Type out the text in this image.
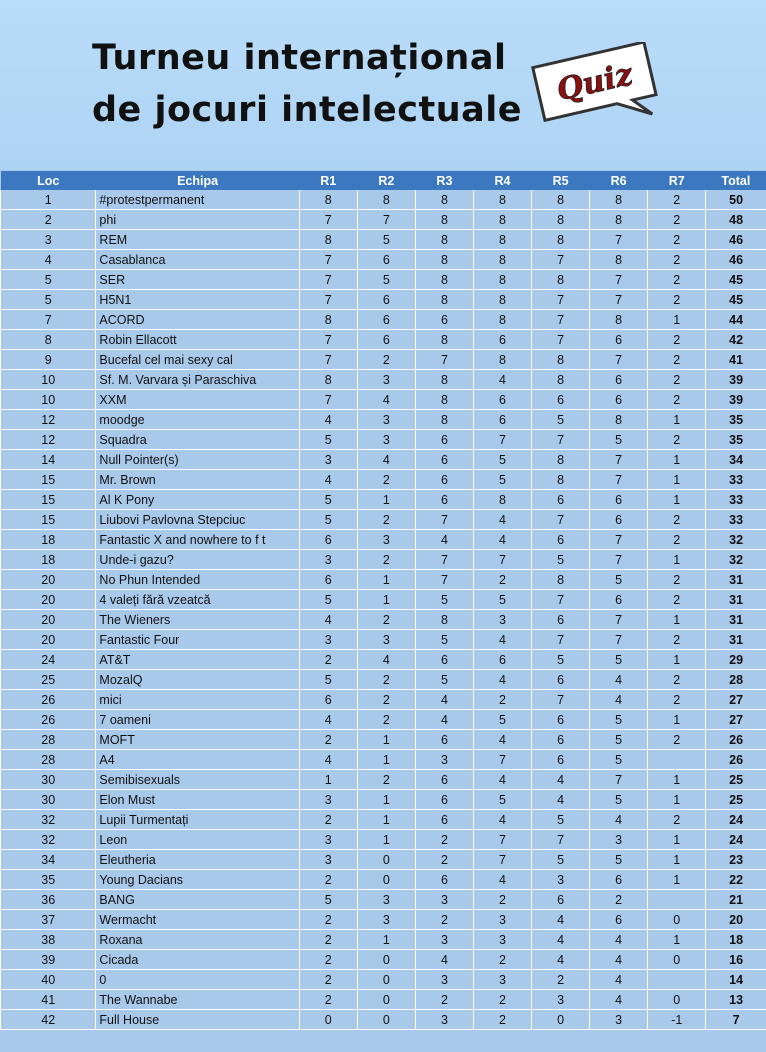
Turneu internațional
de jocuri intelectuale
Quiz
Loc	Echipa	R1	R2	R3	R4	R5	R6	R7	Total
1	#protestpermanent	8	8	8	8	8	8	2	50
2	phi	7	7	8	8	8	8	2	48
3	REM	8	5	8	8	8	7	2	46
4	Casablanca	7	6	8	8	7	8	2	46
5	SER	7	5	8	8	8	7	2	45
5	H5N1	7	6	8	8	7	7	2	45
7	ACORD	8	6	6	8	7	8	1	44
8	Robin Ellacott	7	6	8	6	7	6	2	42
9	Bucefal cel mai sexy cal	7	2	7	8	8	7	2	41
10	Sf. M. Varvara și Paraschiva	8	3	8	4	8	6	2	39
10	XXM	7	4	8	6	6	6	2	39
12	moodge	4	3	8	6	5	8	1	35
12	Squadra	5	3	6	7	7	5	2	35
14	Null Pointer(s)	3	4	6	5	8	7	1	34
15	Mr. Brown	4	2	6	5	8	7	1	33
15	Al K Pony	5	1	6	8	6	6	1	33
15	Liubovi Pavlovna Stepciuc	5	2	7	4	7	6	2	33
18	Fantastic X and nowhere to f t	6	3	4	4	6	7	2	32
18	Unde-i gazu?	3	2	7	7	5	7	1	32
20	No Phun Intended	6	1	7	2	8	5	2	31
20	4 valeți fără vzeatcă	5	1	5	5	7	6	2	31
20	The Wieners	4	2	8	3	6	7	1	31
20	Fantastic Four	3	3	5	4	7	7	2	31
24	AT&T	2	4	6	6	5	5	1	29
25	MozalQ	5	2	5	4	6	4	2	28
26	mici	6	2	4	2	7	4	2	27
26	7 oameni	4	2	4	5	6	5	1	27
28	MOFT	2	1	6	4	6	5	2	26
28	A4	4	1	3	7	6	5		26
30	Semibisexuals	1	2	6	4	4	7	1	25
30	Elon Must	3	1	6	5	4	5	1	25
32	Lupii Turmentați	2	1	6	4	5	4	2	24
32	Leon	3	1	2	7	7	3	1	24
34	Eleutheria	3	0	2	7	5	5	1	23
35	Young Dacians	2	0	6	4	3	6	1	22
36	BANG	5	3	3	2	6	2		21
37	Wermacht	2	3	2	3	4	6	0	20
38	Roxana	2	1	3	3	4	4	1	18
39	Cicada	2	0	4	2	4	4	0	16
40	0	2	0	3	3	2	4		14
41	The Wannabe	2	0	2	2	3	4	0	13
42	Full House	0	0	3	2	0	3	-1	7
